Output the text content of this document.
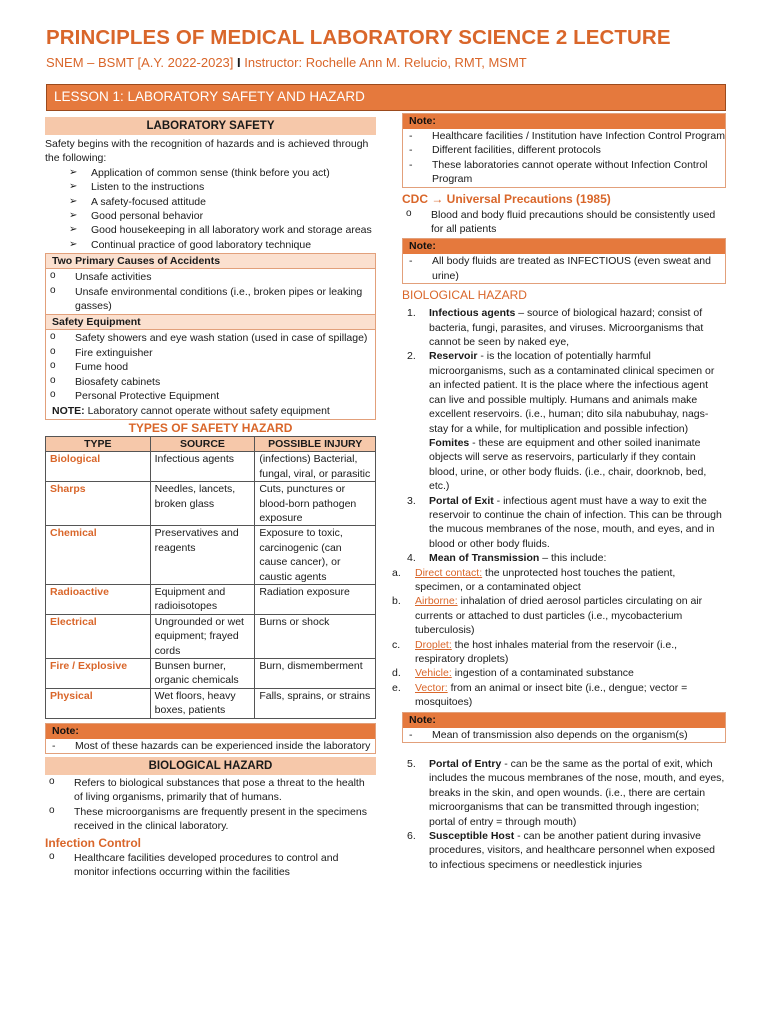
PRINCIPLES OF MEDICAL LABORATORY SCIENCE 2 LECTURE
SNEM – BSMT [A.Y. 2022-2023] I Instructor: Rochelle Ann M. Relucio, RMT, MSMT
LESSON 1: LABORATORY SAFETY AND HAZARD
LABORATORY SAFETY
Safety begins with the recognition of hazards and is achieved through the following:
➢ Application of common sense (think before you act)
➢ Listen to the instructions
➢ A safety-focused attitude
➢ Good personal behavior
➢ Good housekeeping in all laboratory work and storage areas
➢ Continual practice of good laboratory technique
Two Primary Causes of Accidents
o Unsafe activities
o Unsafe environmental conditions (i.e., broken pipes or leaking gasses)
Safety Equipment
o Safety showers and eye wash station (used in case of spillage)
o Fire extinguisher
o Fume hood
o Biosafety cabinets
o Personal Protective Equipment
NOTE: Laboratory cannot operate without safety equipment
TYPES OF SAFETY HAZARD
TYPE	SOURCE	POSSIBLE INJURY
Biological	Infectious agents	(infections) Bacterial, fungal, viral, or parasitic
Sharps	Needles, lancets, broken glass	Cuts, punctures or blood-born pathogen exposure
Chemical	Preservatives and reagents	Exposure to toxic, carcinogenic (can cause cancer), or caustic agents
Radioactive	Equipment and radioisotopes	Radiation exposure
Electrical	Ungrounded or wet equipment; frayed cords	Burns or shock
Fire / Explosive	Bunsen burner, organic chemicals	Burn, dismemberment
Physical	Wet floors, heavy boxes, patients	Falls, sprains, or strains
Note:
- Most of these hazards can be experienced inside the laboratory
BIOLOGICAL HAZARD
o Refers to biological substances that pose a threat to the health of living organisms, primarily that of humans.
o These microorganisms are frequently present in the specimens received in the clinical laboratory.
Infection Control
o Healthcare facilities developed procedures to control and monitor infections occurring within the facilities
Note:
- Healthcare facilities / Institution have Infection Control Program
- Different facilities, different protocols
- These laboratories cannot operate without Infection Control Program
CDC → Universal Precautions (1985)
o Blood and body fluid precautions should be consistently used for all patients
Note:
- All body fluids are treated as INFECTIOUS (even sweat and urine)
BIOLOGICAL HAZARD
1. Infectious agents – source of biological hazard; consist of bacteria, fungi, parasites, and viruses. Microorganisms that cannot be seen by naked eye,
2. Reservoir - is the location of potentially harmful microorganisms, such as a contaminated clinical specimen or an infected patient. It is the place where the infectious agent can live and possible multiply. Humans and animals make excellent reservoirs. (i.e., human; dito sila nabubuhay, nags-stay for a while, for multiplication and possible infection)
Fomites - these are equipment and other soiled inanimate objects will serve as reservoirs, particularly if they contain blood, urine, or other body fluids. (i.e., chair, doorknob, bed, etc.)
3. Portal of Exit - infectious agent must have a way to exit the reservoir to continue the chain of infection. This can be through the mucous membranes of the nose, mouth, and eyes, and in blood or other body fluids.
4. Mean of Transmission – this include:
a. Direct contact: the unprotected host touches the patient, specimen, or a contaminated object
b. Airborne: inhalation of dried aerosol particles circulating on air currents or attached to dust particles (i.e., mycobacterium tuberculosis)
c. Droplet: the host inhales material from the reservoir (i.e., respiratory droplets)
d. Vehicle: ingestion of a contaminated substance
e. Vector: from an animal or insect bite (i.e., dengue; vector = mosquitoes)
Note:
- Mean of transmission also depends on the organism(s)
5. Portal of Entry - can be the same as the portal of exit, which includes the mucous membranes of the nose, mouth, and eyes, breaks in the skin, and open wounds. (i.e., there are certain microorganisms that can be transmitted through ingestion; portal of entry = through mouth)
6. Susceptible Host - can be another patient during invasive procedures, visitors, and healthcare personnel when exposed to infectious specimens or needlestick injuries
